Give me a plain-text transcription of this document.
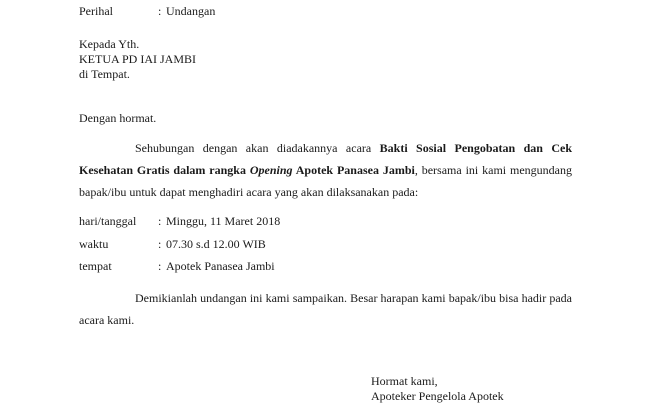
Perihal	: Undangan
Kepada Yth.
KETUA PD IAI JAMBI
di Tempat.
Dengan hormat.

Sehubungan dengan akan diadakannya acara Bakti Sosial Pengobatan dan Cek Kesehatan Gratis dalam rangka Opening Apotek Panasea Jambi, bersama ini kami mengundang bapak/ibu untuk dapat menghadiri acara yang akan dilaksanakan pada:

hari/tanggal : Minggu, 11 Maret 2018
waktu	: 07.30 s.d 12.00 WIB
tempat	: Apotek Panasea Jambi

Demikianlah undangan ini kami sampaikan. Besar harapan kami bapak/ibu bisa hadir pada acara kami.

Hormat kami,
Apoteker Pengelola Apotek
